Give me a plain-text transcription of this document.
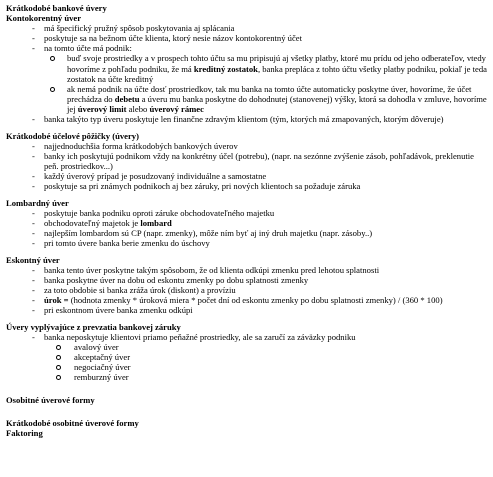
Krátkodobé bankové úvery
Kontokorentný úver
- má špecifický pružný spôsob poskytovania aj splácania
- poskytuje sa na bežnom účte klienta, ktorý nesie názov kontokorentný účet
- na tomto účte má podnik:
buď svoje prostriedky a v prospech tohto účtu sa mu pripisujú aj všetky platby, ktoré mu prídu od jeho odberateľov, vtedy hovoríme z pohľadu podniku, že má kreditný zostatok, banka prepláca z tohto účtu všetky platby podniku, pokiaľ je teda zostatok na účte kreditný
ak nemá podnik na účte dosť prostriedkov, tak mu banka na tomto účte automaticky poskytne úver, hovoríme, že účet prechádza do debetu a úveru mu banka poskytne do dohodnutej (stanovenej) výšky, ktorá sa dohodla v zmluve, hovoríme jej úverový limit alebo úverový rámec
- banka takýto typ úveru poskytuje len finančne zdravým klientom (tým, ktorých má zmapovaných, ktorým dôveruje)
Krátkodobé účelové pôžičky (úvery)
- najjednoduchšia forma krátkodobých bankových úverov
- banky ich poskytujú podnikom vždy na konkrétny účel (potrebu), (napr. na sezónne zvýšenie zásob, pohľadávok, preklenutie peň. prostriedkov...)
- každý úverový prípad je posudzovaný individuálne a samostatne
- poskytuje sa pri známych podnikoch aj bez záruky, pri nových klientoch sa požaduje záruka
Lombardný úver
- poskytuje banka podniku oproti záruke obchodovateľného majetku
- obchodovateľný majetok je lombard
- najlepším lombardom sú CP (napr. zmenky), môže ním byť aj iný druh majetku (napr. zásoby..)
- pri tomto úvere banka berie zmenku do úschovy
Eskontný úver
- banka tento úver poskytne takým spôsobom, že od klienta odkúpi zmenku pred lehotou splatnosti
- banka poskytne úver na dobu od eskontu zmenky po dobu splatnosti zmenky
- za toto obdobie si banka zráža úrok (diskont) a províziu
- úrok = (hodnota zmenky * úroková miera * počet dní od eskontu zmenky po dobu splatnosti zmenky) / (360 * 100)
- pri eskontnom úvere banka zmenku odkúpi
Úvery vyplývajúce z prevzatia bankovej záruky
- banka neposkytuje klientovi priamo peňažné prostriedky, ale sa zaručí za záväzky podniku
avalový úver
akceptačný úver
negociačný úver
remburzný úver
Osobitné úverové formy
Krátkodobé osobitné úverové formy
Faktoring
